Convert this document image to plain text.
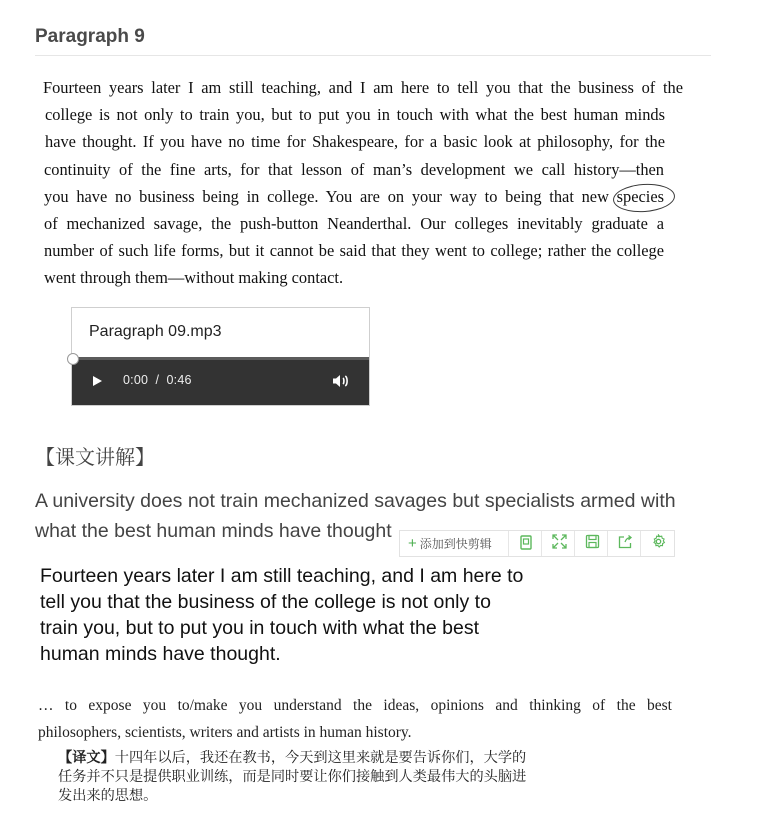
Paragraph 9
Fourteen years later I am still teaching, and I am here to tell you that the business of the
college is not only to train you, but to put you in touch with what the best human minds
have thought. If you have no time for Shakespeare, for a basic look at philosophy, for the
continuity of the fine arts, for that lesson of man’s development we call history—then
you have no business being in college. You are on your way to being that new species
of mechanized savage, the push-button Neanderthal. Our colleges inevitably graduate a
number of such life forms, but it cannot be said that they went to college; rather the college
went through them—without making contact.
Paragraph 09.mp3
0:00  /  0:46
【课文讲解】
A university does not train mechanized savages but specialists armed with what the best human minds have thought
+ 添加到快剪辑
Fourteen years later I am still teaching, and I am here to
tell you that the business of the college is not only to
train you, but to put you in touch with what the best
human minds have thought.
… to expose you to/make you understand the ideas, opinions and thinking of the best
philosophers, scientists, writers and artists in human history.
【译文】十四年以后，我还在教书，今天到这里来就是要告诉你们，大学的
任务并不只是提供职业训练，而是同时要让你们接触到人类最伟大的头脑进
发出来的思想。
